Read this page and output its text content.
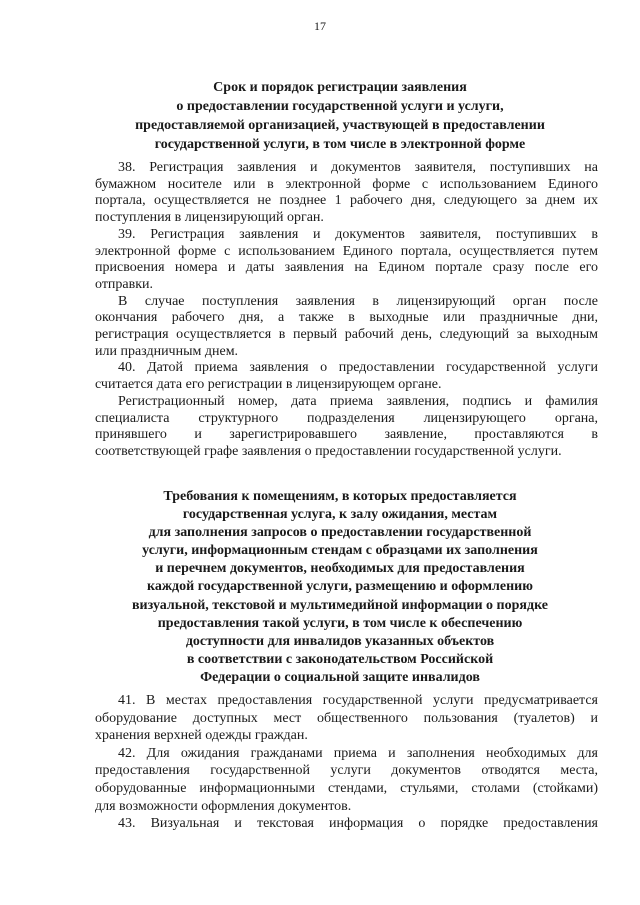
17
Срок и порядок регистрации заявления
о предоставлении государственной услуги и услуги,
предоставляемой организацией, участвующей в предоставлении
государственной услуги, в том числе в электронной форме
38. Регистрация заявления и документов заявителя, поступивших на
бумажном носителе или в электронной форме с использованием Единого
портала, осуществляется не позднее 1 рабочего дня, следующего за днем их
поступления в лицензирующий орган.
39. Регистрация заявления и документов заявителя, поступивших в
электронной форме с использованием Единого портала, осуществляется путем
присвоения номера и даты заявления на Едином портале сразу после его
отправки.
В случае поступления заявления в лицензирующий орган после
окончания рабочего дня, а также в выходные или праздничные дни,
регистрация осуществляется в первый рабочий день, следующий за выходным
или праздничным днем.
40. Датой приема заявления о предоставлении государственной услуги
считается дата его регистрации в лицензирующем органе.
Регистрационный номер, дата приема заявления, подпись и фамилия
специалиста структурного подразделения лицензирующего органа,
принявшего и зарегистрировавшего заявление, проставляются в
соответствующей графе заявления о предоставлении государственной услуги.
Требования к помещениям, в которых предоставляется
государственная услуга, к залу ожидания, местам
для заполнения запросов о предоставлении государственной
услуги, информационным стендам с образцами их заполнения
и перечнем документов, необходимых для предоставления
каждой государственной услуги, размещению и оформлению
визуальной, текстовой и мультимедийной информации о порядке
предоставления такой услуги, в том числе к обеспечению
доступности для инвалидов указанных объектов
в соответствии с законодательством Российской
Федерации о социальной защите инвалидов
41. В местах предоставления государственной услуги предусматривается
оборудование доступных мест общественного пользования (туалетов) и
хранения верхней одежды граждан.
42. Для ожидания гражданами приема и заполнения необходимых для
предоставления государственной услуги документов отводятся места,
оборудованные информационными стендами, стульями, столами (стойками)
для возможности оформления документов.
43. Визуальная и текстовая информация о порядке предоставления
